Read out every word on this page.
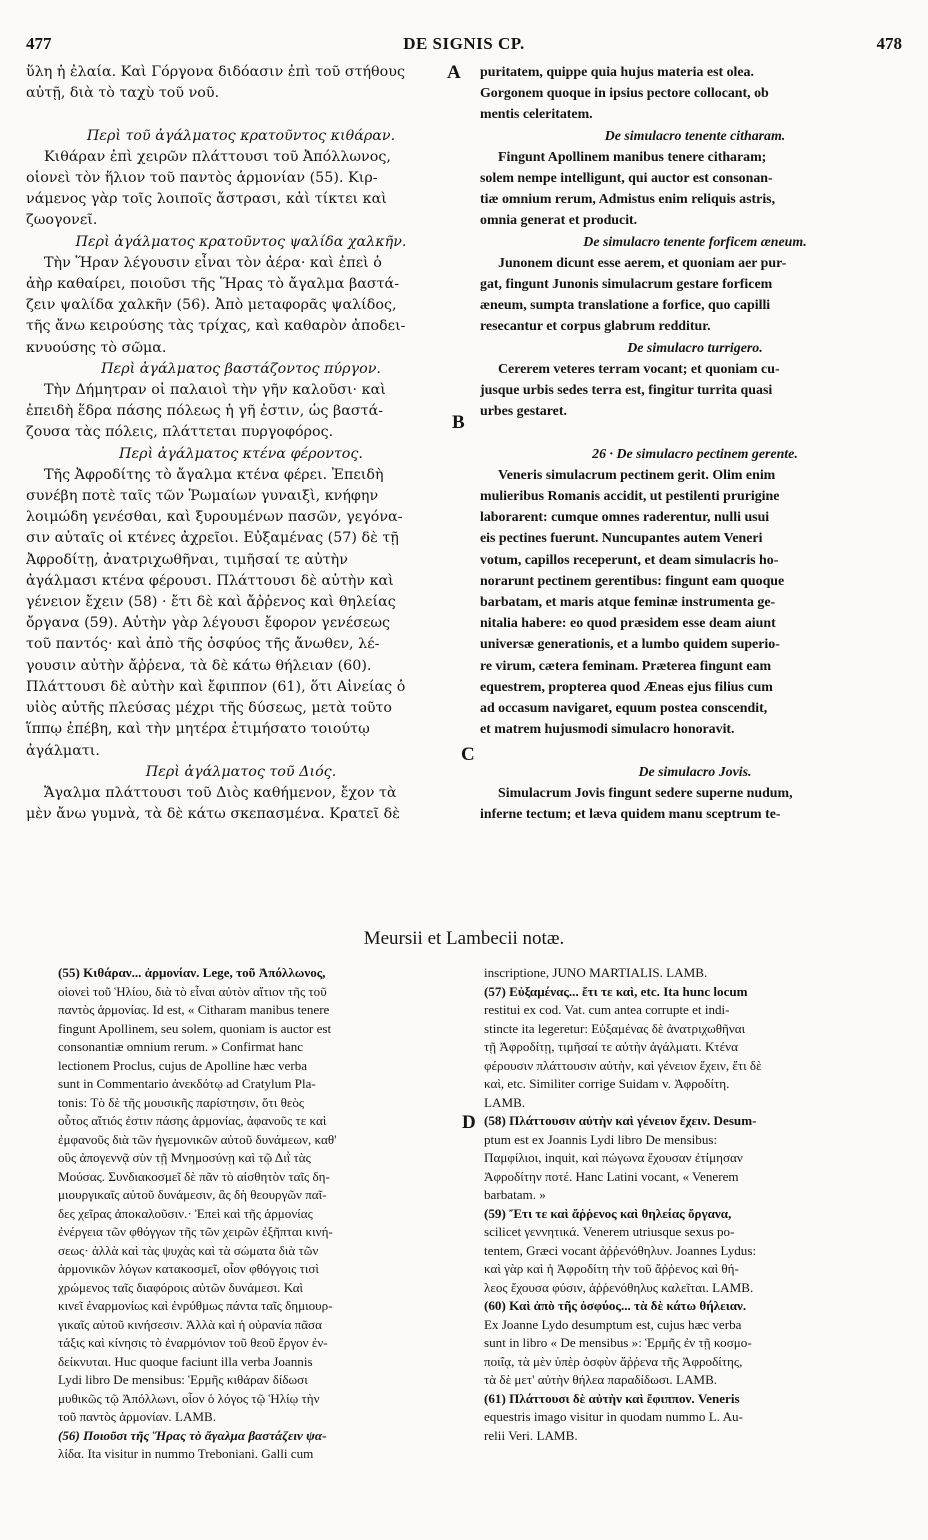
477	DE SIGNIS CP.	478
ὕλη ἡ ἐλαία. Καὶ Γόργονα διδόασιν ἐπὶ τοῦ στήθους
αὐτῇ, διὰ τὸ ταχὺ τοῦ νοῦ.

Περὶ τοῦ ἀγάλματος κρατοῦντος κιθάραν.
Κιθάραν ἐπὶ χειρῶν πλάττουσι τοῦ Ἀπόλλωνος,
οἱονεὶ τὸν ἥλιον τοῦ παντὸς ἁρμονίαν (55). Κιρ-
νάμενος γὰρ τοῖς λοιποῖς ἄστρασι, κἀὶ τίκτει καὶ
ζωογονεῖ.
Περὶ ἀγάλματος κρατοῦντος ψαλίδα χαλκῆν.
Τὴν Ἥραν λέγουσιν εἶναι τὸν ἀέρα· καὶ ἐπεὶ ὁ
ἀὴρ καθαίρει, ποιοῦσι τῆς Ἥρας τὸ ἄγαλμα βαστά-
ζειν ψαλίδα χαλκῆν (56). Ἀπὸ μεταφορᾶς ψαλίδος,
τῆς ἄνω κειρούσης τὰς τρίχας, καὶ καθαρὸν ἀποδει-
κνυούσης τὸ σῶμα.
Περὶ ἀγάλματος βαστάζοντος πύργον.
Τὴν Δήμητραν οἱ παλαιοὶ τὴν γῆν καλοῦσι· καὶ
ἐπειδὴ ἕδρα πάσης πόλεως ἡ γῆ ἐστιν, ὡς βαστά-
ζουσα τὰς πόλεις, πλάττεται πυργοφόρος.
Περὶ ἀγάλματος κτένα φέροντος.
Τῆς Ἀφροδίτης τὸ ἄγαλμα κτένα φέρει. Ἐπειδὴ
συνέβη ποτὲ ταῖς τῶν Ῥωμαίων γυναιξὶ, κνήφην
λοιμώδη γενέσθαι, καὶ ξυρουμένων πασῶν, γεγόνα-
σιν αὐταῖς οἱ κτένες ἀχρεῖοι. Εὐξαμένας (57) δὲ τῇ
Ἀφροδίτῃ, ἀνατριχωθῆναι, τιμῆσαί τε αὐτὴν
ἀγάλμασι κτένα φέρουσι. Πλάττουσι δὲ αὐτὴν καὶ
γένειον ἔχειν (58) · ἔτι δὲ καὶ ἄῤῥενος καὶ θηλείας
ὄργανα (59). Αὐτὴν γὰρ λέγουσι ἔφορον γενέσεως
τοῦ παντός· καὶ ἀπὸ τῆς ὀσφύος τῆς ἄνωθεν, λέ-
γουσιν αὐτὴν ἄῤῥενα, τὰ δὲ κάτω θήλειαν (60).
Πλάττουσι δὲ αὐτὴν καὶ ἔφιππον (61), ὅτι Αἰνείας ὁ
υἱὸς αὐτῆς πλεύσας μέχρι τῆς δύσεως, μετὰ τοῦτο
ἵππῳ ἐπέβη, καὶ τὴν μητέρα ἐτιμήσατο τοιούτῳ
ἀγάλματι.
Περὶ ἀγάλματος τοῦ Διός.
Ἄγαλμα πλάττουσι τοῦ Διὸς καθήμενον, ἔχον τὰ
μὲν ἄνω γυμνὰ, τὰ δὲ κάτω σκεπασμένα. Κρατεῖ δὲ
puritatem, quippe quia hujus materia est olea.
Gorgonem quoque in ipsius pectore collocant, ob
mentis celeritatem.
De simulacro tenente citharam.
Fingunt Apollinem manibus tenere citharam;
solem nempe intelligunt, qui auctor est consonan-
tiæ omnium rerum, Admistus enim reliquis astris,
omnia generat et producit.
De simulacro tenente forficem æneum.
Junonem dicunt esse aerem, et quoniam aer pur-
gat, fingunt Junonis simulacrum gestare forficem
æneum, sumpta translatione a forfice, quo capilli
resecantur et corpus glabrum redditur.
De simulacro turrigero.
Cererem veteres terram vocant; et quoniam cu-
jusque urbis sedes terra est, fingitur turrita quasi
urbes gestaret.

26 · De simulacro pectinem gerente.
Veneris simulacrum pectinem gerit. Olim enim
mulieribus Romanis accidit, ut pestilenti prurigine
laborarent: cumque omnes raderentur, nulli usui
eis pectines fuerunt. Nuncupantes autem Veneri
votum, capillos receperunt, et deam simulacris ho-
norarunt pectinem gerentibus: fingunt eam quoque
barbatam, et maris atque feminæ instrumenta ge-
nitalia habere: eo quod præsidem esse deam aiunt
universæ generationis, et a lumbo quidem superio-
re virum, cætera feminam. Præterea fingunt eam
equestrem, propterea quod Æneas ejus filius cum
ad occasum navigaret, equum postea conscendit,
et matrem hujusmodi simulacro honoravit.

De simulacro Jovis.
Simulacrum Jovis fingunt sedere superne nudum,
inferne tectum; et læva quidem manu sceptrum te-
A
B
C
D
Meursii et Lambecii notæ.
(55) Κιθάραν... ἁρμονίαν. Lege, τοῦ Ἀπόλλωνος,
οἱονεὶ τοῦ Ἡλίου, διὰ τὸ εἶναι αὐτὸν αἴτιον τῆς τοῦ
παντὸς ἁρμονίας. Id est, « Citharam manibus tenere
fingunt Apollinem, seu solem, quoniam is auctor est
consonantiæ omnium rerum. » Confirmat hanc
lectionem Proclus, cujus de Apolline hæc verba
sunt in Commentario ἀνεκδότῳ ad Cratylum Pla-
tonis: Τὸ δὲ τῆς μουσικῆς παρίστησιν, ὅτι θεὸς
οὗτος αἴτιός ἐστιν πάσης ἁρμονίας, ἀφανοῦς τε καὶ
ἐμφανοῦς διὰ τῶν ἡγεμονικῶν αὐτοῦ δυνάμεων, καθ'
οὓς ἀπογεννᾷ σὺν τῇ Μνημοσύνῃ καὶ τῷ Διῒ τὰς
Μούσας. Συνδιακοσμεῖ δὲ πᾶν τὸ αἰσθητὸν ταῖς δη-
μιουργικαῖς αὐτοῦ δυνάμεσιν, ἃς δὴ θεουργῶν παῖ-
δες χεῖρας ἀποκαλοῦσιν.· Ἐπεὶ καὶ τῆς ἁρμονίας
ἐνέργεια τῶν φθόγγων τῆς τῶν χειρῶν ἐξῆπται κινή-
σεως· ἀλλὰ καὶ τὰς ψυχὰς καὶ τὰ σώματα διὰ τῶν
ἁρμονικῶν λόγων κατακοσμεῖ, οἷον φθόγγοις τισὶ
χρώμενος ταῖς διαφόροις αὐτῶν δυνάμεσι. Καὶ
κινεῖ ἐναρμονίως καὶ ἐνρύθμως πάντα ταῖς δημιουρ-
γικαῖς αὐτοῦ κινήσεσιν. Ἀλλὰ καὶ ἡ οὐρανία πᾶσα
τάξις καὶ κίνησις τὸ ἐναρμόνιον τοῦ θεοῦ ἔργον ἐν-
δείκνυται. Huc quoque faciunt illa verba Joannis
Lydi libro De mensibus: Ἑρμῆς κιθάραν δίδωσι
μυθικῶς τῷ Ἀπόλλωνι, οἷον ὁ λόγος τῷ Ἡλίῳ τὴν
τοῦ παντὸς ἁρμονίαν. LAMB.
(56) Ποιοῦσι τῆς Ἥρας τὸ ἄγαλμα βαστάζειν ψα-
λίδα. Ita visitur in nummo Treboniani. Galli cum
inscriptione, JUNO MARTIALIS. LAMB.
(57) Εὐξαμένας... ἔτι τε καὶ, etc. Ita hunc locum
restitui ex cod. Vat. cum antea corrupte et indi-
stincte ita legeretur: Εὐξαμένας δὲ ἀνατριχωθῆναι
τῇ Ἀφροδίτῃ, τιμῆσαί τε αὐτὴν ἀγάλματι. Κτένα
φέρουσιν πλάττουσιν αὐτὴν, καὶ γένειον ἔχειν, ἔτι δὲ
καὶ, etc. Similiter corrige Suidam v. Ἀφροδίτη.
LAMB.
(58) Πλάττουσιν αὐτὴν καὶ γένειον ἔχειν. Desum-
ptum est ex Joannis Lydi libro De mensibus:
Παμφίλιοι, inquit, καὶ πώγωνα ἔχουσαν ἐτίμησαν
Ἀφροδίτην ποτέ. Hanc Latini vocant, « Venerem
barbatam. »
(59) Ἔτι τε καὶ ἄῤῥενος καὶ θηλείας ὄργανα,
scilicet γεννητικά. Venerem utriusque sexus po-
tentem, Græci vocant ἀῤῥενόθηλυν. Joannes Lydus:
καὶ γὰρ καὶ ἡ Ἀφροδίτη τὴν τοῦ ἄῤῥενος καὶ θή-
λεος ἔχουσα φύσιν, ἀῤῥενόθηλυς καλεῖται. LAMB.
(60) Καὶ ἀπὸ τῆς ὀσφύος... τὰ δὲ κάτω θήλειαν.
Ex Joanne Lydo desumptum est, cujus hæc verba
sunt in libro « De mensibus »: Ἑρμῆς ἐν τῇ κοσμο-
ποιΐᾳ, τὰ μὲν ὑπὲρ ὀσφὺν ἄῤῥενα τῆς Ἀφροδίτης,
τὰ δὲ μετ' αὐτὴν θήλεα παραδίδωσι. LAMB.
(61) Πλάττουσι δὲ αὐτὴν καὶ ἔφιππον. Veneris
equestris imago visitur in quodam nummo L. Au-
relii Veri. LAMB.
